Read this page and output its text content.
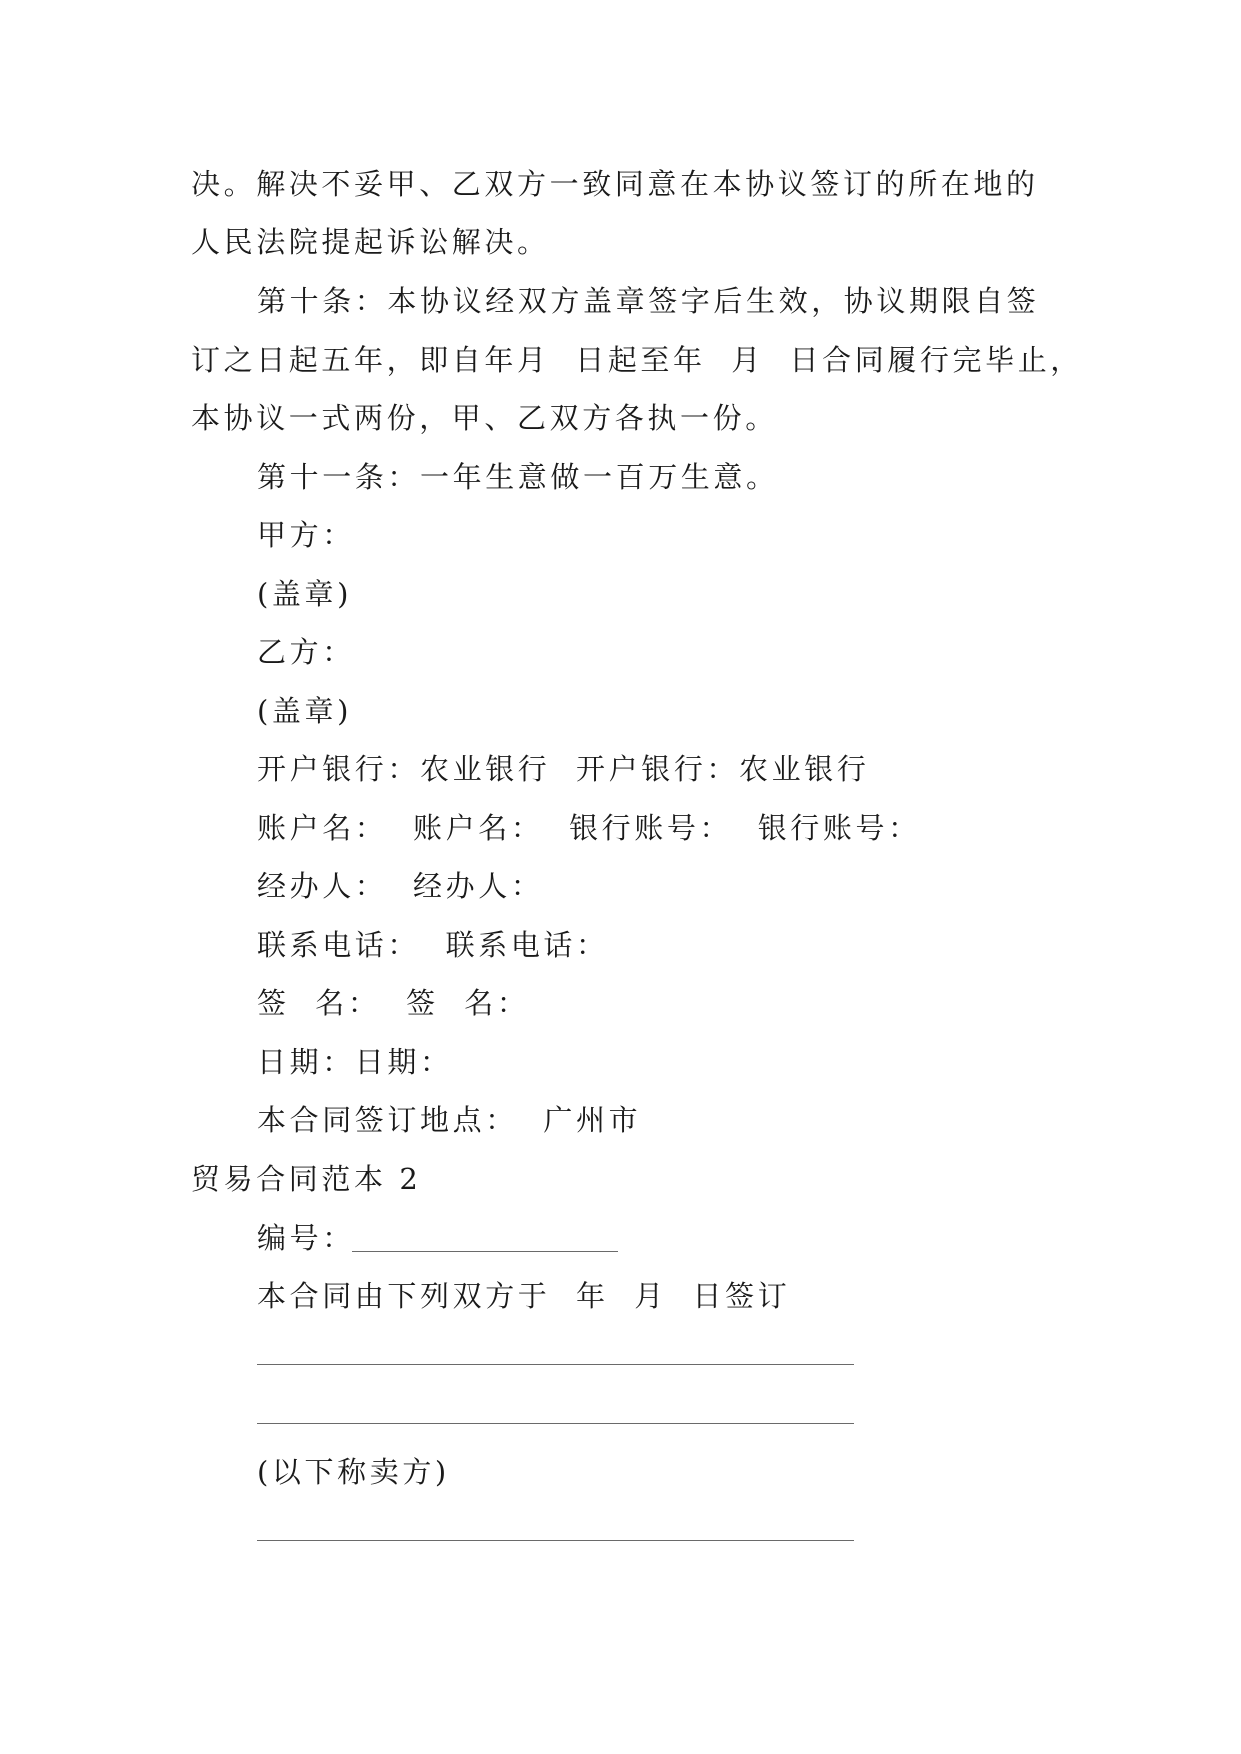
决。解决不妥甲、乙双方一致同意在本协议签订的所在地的
人民法院提起诉讼解决。
第十条：本协议经双方盖章签字后生效，协议期限自签
订之日起五年，即自年月  日起至年  月  日合同履行完毕止，
本协议一式两份，甲、乙双方各执一份。
第十一条：一年生意做一百万生意。
甲方：
(盖章)
乙方：
(盖章)
开户银行：农业银行  开户银行：农业银行
账户名：  账户名：  银行账号：  银行账号：
经办人：  经办人：
联系电话：  联系电话：
签  名：  签  名：
日期：日期：
本合同签订地点：  广州市
贸易合同范本 2
编号：
本合同由下列双方于  年  月  日签订
(以下称卖方)
